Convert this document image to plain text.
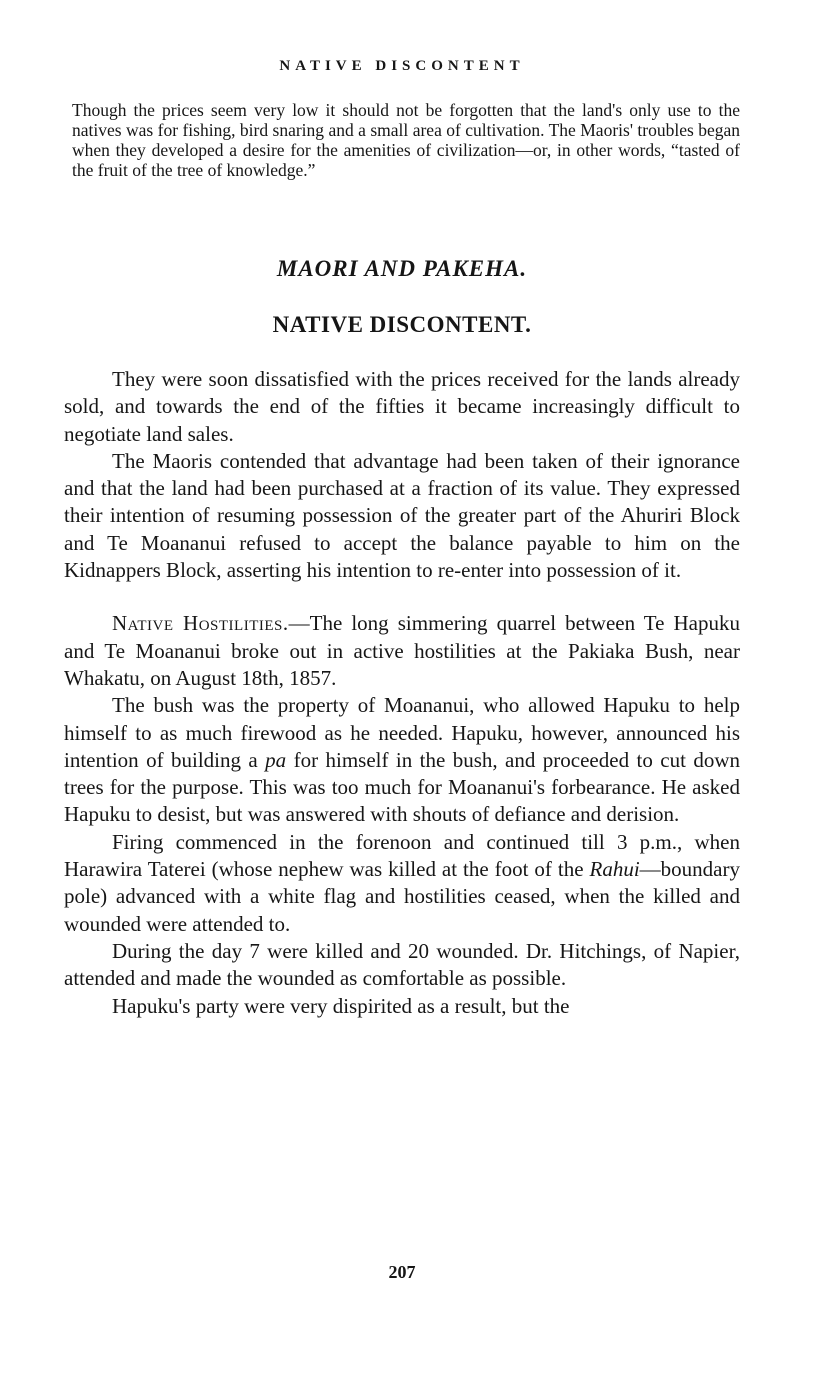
NATIVE DISCONTENT

Though the prices seem very low it should not be forgotten that the land's only use to the natives was for fishing, bird snaring and a small area of cultivation. The Maoris' troubles began when they developed a desire for the amenities of civilization—or, in other words, “tasted of the fruit of the tree of knowledge.”

MAORI AND PAKEHA.
NATIVE DISCONTENT.

They were soon dissatisfied with the prices received for the lands already sold, and towards the end of the fifties it became increasingly difficult to negotiate land sales.

The Maoris contended that advantage had been taken of their ignorance and that the land had been purchased at a fraction of its value. They expressed their intention of resuming possession of the greater part of the Ahuriri Block and Te Moananui refused to accept the balance payable to him on the Kidnappers Block, asserting his intention to re-enter into possession of it.

Native Hostilities.—The long simmering quarrel between Te Hapuku and Te Moananui broke out in active hostilities at the Pakiaka Bush, near Whakatu, on August 18th, 1857.

The bush was the property of Moananui, who allowed Hapuku to help himself to as much firewood as he needed. Hapuku, however, announced his intention of building a pa for himself in the bush, and proceeded to cut down trees for the purpose. This was too much for Moananui's forbearance. He asked Hapuku to desist, but was answered with shouts of defiance and derision.

Firing commenced in the forenoon and continued till 3 p.m., when Harawira Taterei (whose nephew was killed at the foot of the Rahui—boundary pole) advanced with a white flag and hostilities ceased, when the killed and wounded were attended to.

During the day 7 were killed and 20 wounded. Dr. Hitchings, of Napier, attended and made the wounded as comfortable as possible.

Hapuku's party were very dispirited as a result, but the

207
